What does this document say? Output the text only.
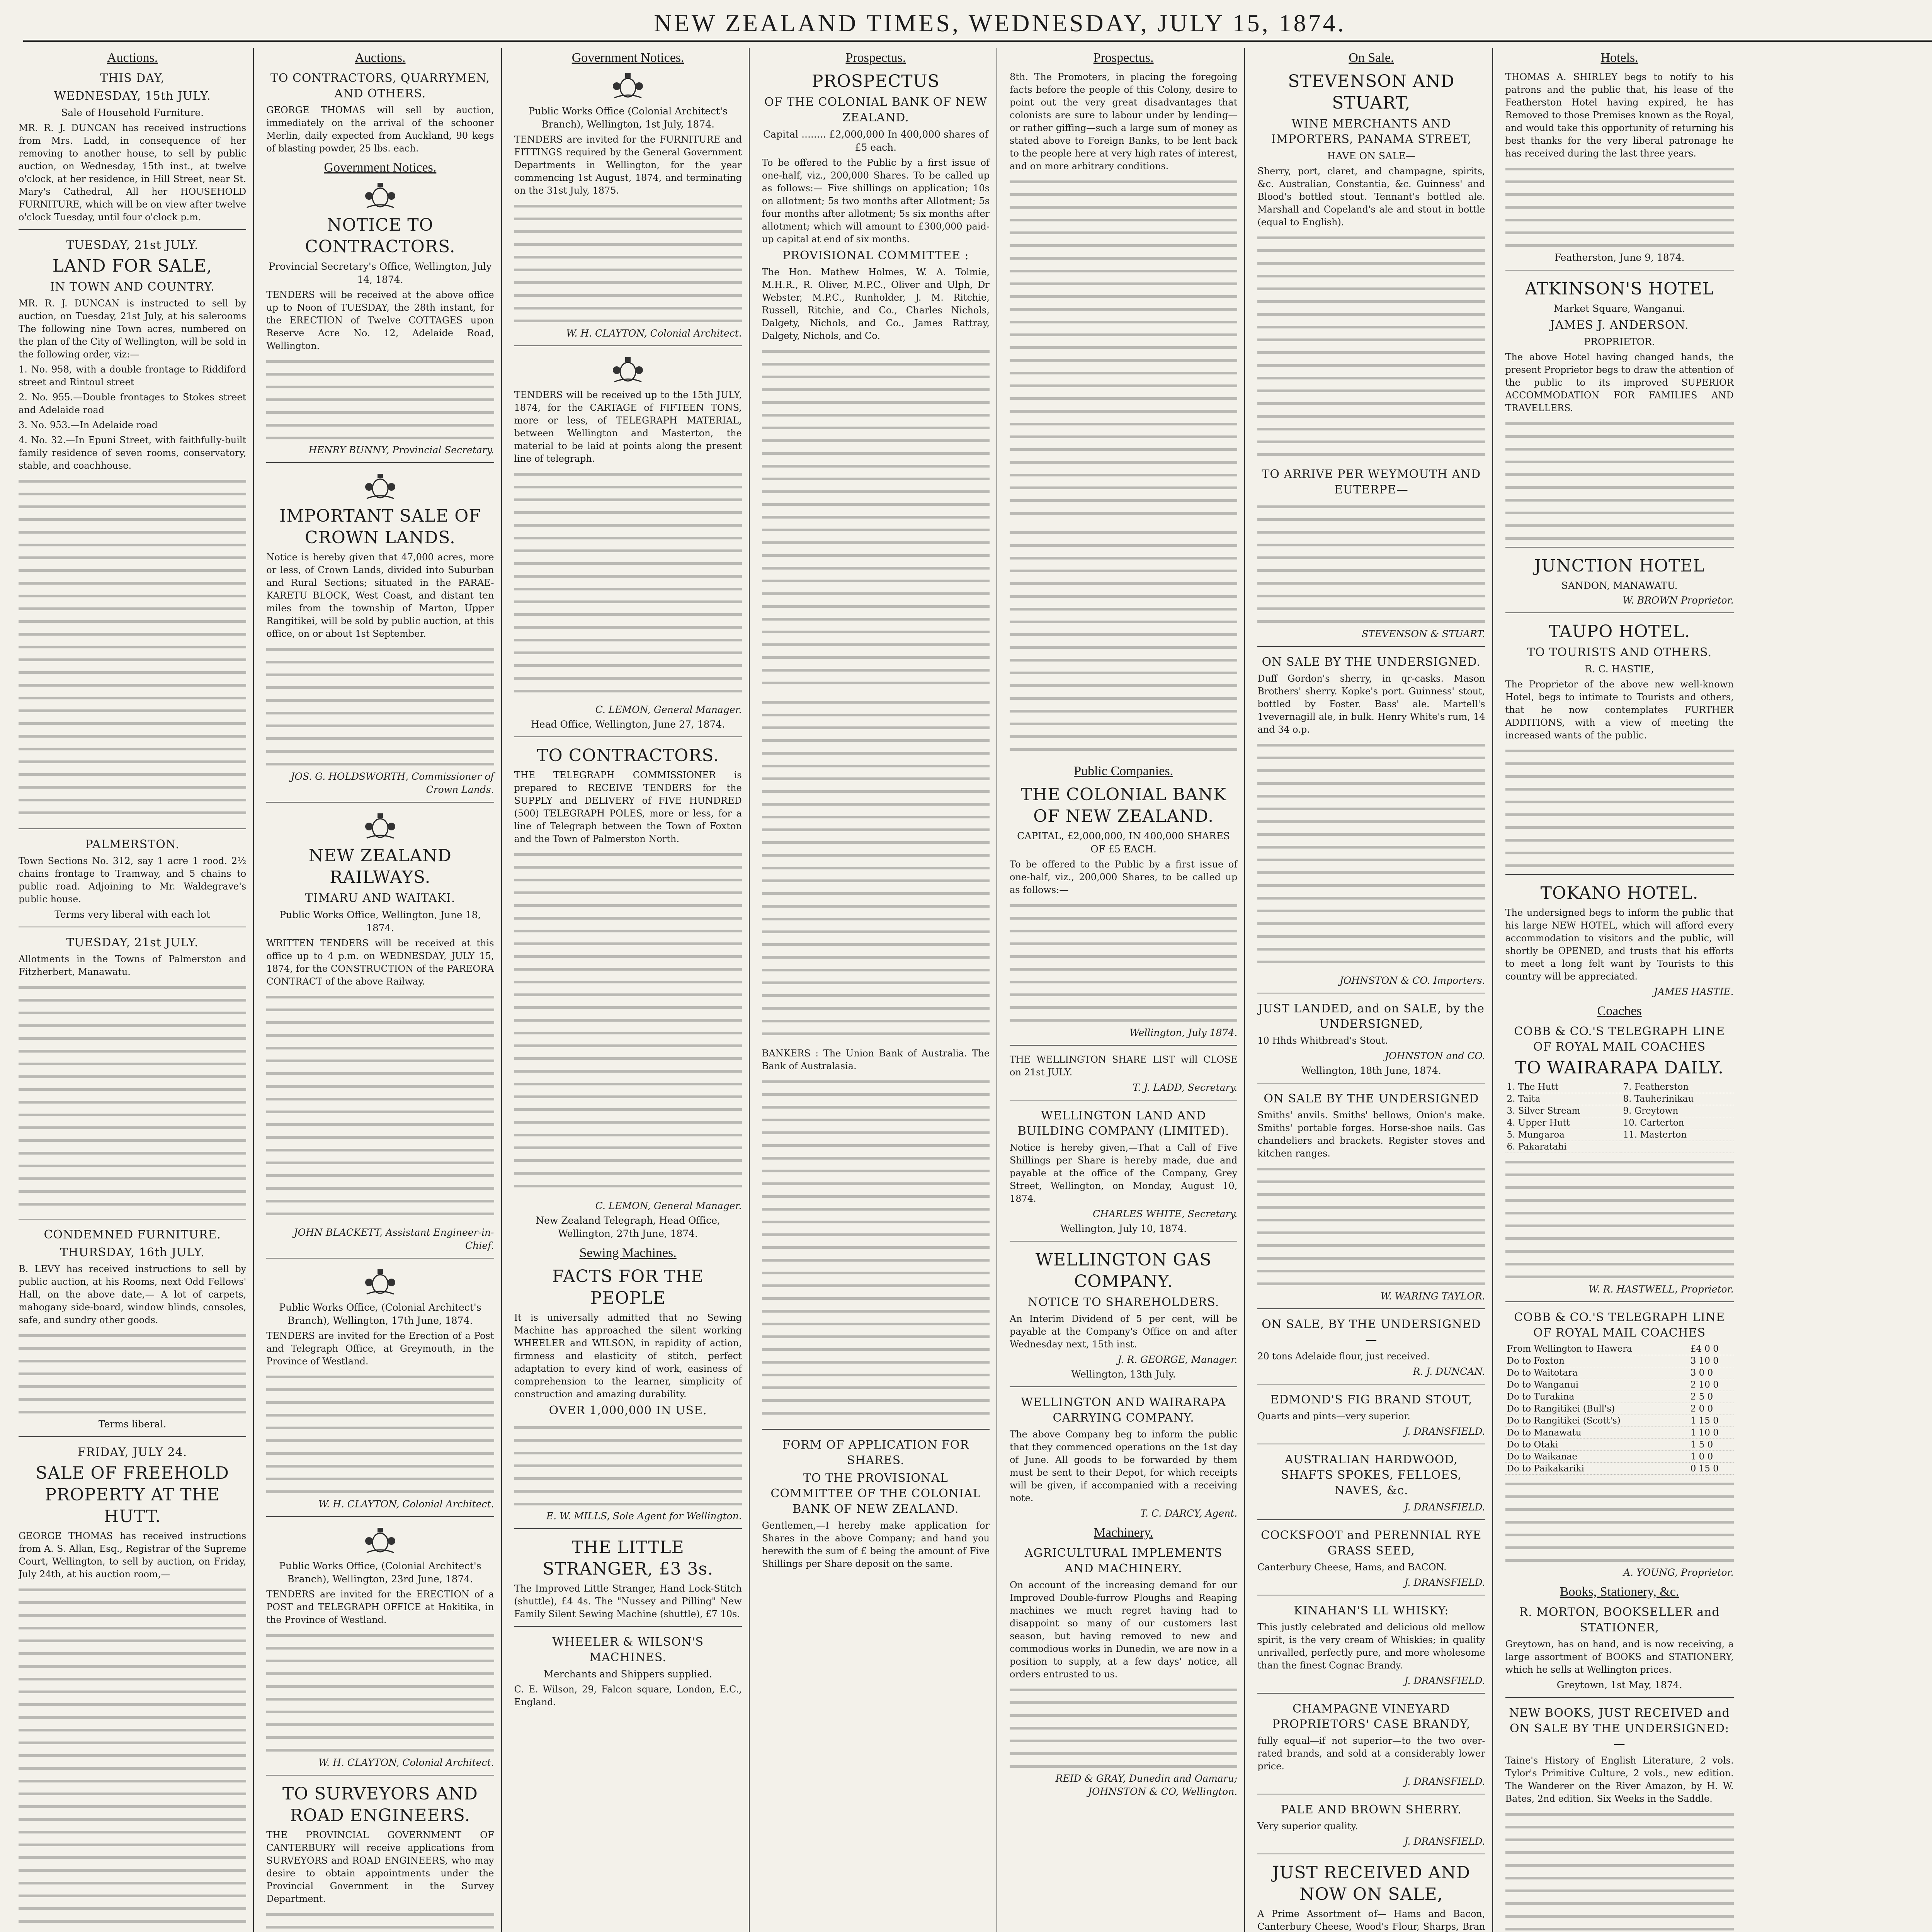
NEW ZEALAND TIMES, WEDNESDAY, JULY 15, 1874.
Auctions.
THIS DAY,
WEDNESDAY, 15th JULY.
Sale of Household Furniture.

MR. R. J. DUNCAN has received instructions from Mrs. Ladd, in consequence of her removing to another house, to sell by public auction, on Wednesday, 15th inst., at twelve o'clock, at her residence, in Hill Street, near St. Mary's Cathedral, All her HOUSEHOLD FURNITURE, which will be on view after twelve o'clock Tuesday, until four o'clock p.m.

TUESDAY, 21st JULY.
LAND FOR SALE,
IN TOWN AND COUNTRY.

MR. R. J. DUNCAN is instructed to sell by auction, on Tuesday, 21st July, at his salerooms The following nine Town acres, numbered on the plan of the City of Wellington, will be sold in the following order, viz:—

1. No. 958, with a double frontage to Riddiford street and Rintoul street

2. No. 955.—Double frontages to Stokes street and Adelaide road

3. No. 953.—In Adelaide road

4. No. 32.—In Epuni Street, with faithfully-built family residence of seven rooms, conservatory, stable, and coachhouse.

PALMERSTON.

Town Sections No. 312, say 1 acre 1 rood. 2½ chains frontage to Tramway, and 5 chains to public road. Adjoining to Mr. Waldegrave's public house.

Terms very liberal with each lot
TUESDAY, 21st JULY.

Allotments in the Towns of Palmerston and Fitzherbert, Manawatu.

CONDEMNED FURNITURE.
THURSDAY, 16th JULY.

B. LEVY has received instructions to sell by public auction, at his Rooms, next Odd Fellows' Hall, on the above date,— A lot of carpets, mahogany side-board, window blinds, consoles, safe, and sundry other goods.

Terms liberal.
FRIDAY, JULY 24.
SALE OF FREEHOLD PROPERTY AT THE HUTT.

GEORGE THOMAS has received instructions from A. S. Allan, Esq., Registrar of the Supreme Court, Wellington, to sell by auction, on Friday, July 24th, at his auction room,—

Auctions.
TO CONTRACTORS, QUARRYMEN, AND OTHERS.

GEORGE THOMAS will sell by auction, immediately on the arrival of the schooner Merlin, daily expected from Auckland, 90 kegs of blasting powder, 25 lbs. each.

Government Notices.
NOTICE TO CONTRACTORS.
Provincial Secretary's Office, Wellington, July 14, 1874.

TENDERS will be received at the above office up to Noon of TUESDAY, the 28th instant, for the ERECTION of Twelve COTTAGES upon Reserve Acre No. 12, Adelaide Road, Wellington.

HENRY BUNNY, Provincial Secretary.
IMPORTANT SALE OF CROWN LANDS.

Notice is hereby given that 47,000 acres, more or less, of Crown Lands, divided into Suburban and Rural Sections; situated in the PARAE-KARETU BLOCK, West Coast, and distant ten miles from the township of Marton, Upper Rangitikei, will be sold by public auction, at this office, on or about 1st September.

JOS. G. HOLDSWORTH, Commissioner of Crown Lands.
NEW ZEALAND RAILWAYS.
TIMARU AND WAITAKI.
Public Works Office, Wellington, June 18, 1874.

WRITTEN TENDERS will be received at this office up to 4 p.m. on WEDNESDAY, JULY 15, 1874, for the CONSTRUCTION of the PAREORA CONTRACT of the above Railway.

JOHN BLACKETT, Assistant Engineer-in-Chief.
Public Works Office, (Colonial Architect's Branch), Wellington, 17th June, 1874.

TENDERS are invited for the Erection of a Post and Telegraph Office, at Greymouth, in the Province of Westland.

W. H. CLAYTON, Colonial Architect.
Public Works Office, (Colonial Architect's Branch), Wellington, 23rd June, 1874.

TENDERS are invited for the ERECTION of a POST and TELEGRAPH OFFICE at Hokitika, in the Province of Westland.

W. H. CLAYTON, Colonial Architect.
TO SURVEYORS AND ROAD ENGINEERS.

THE PROVINCIAL GOVERNMENT OF CANTERBURY will receive applications from SURVEYORS and ROAD ENGINEERS, who may desire to obtain appointments under the Provincial Government in the Survey Department.

Government Notices.
Public Works Office (Colonial Architect's Branch), Wellington, 1st July, 1874.

TENDERS are invited for the FURNITURE and FITTINGS required by the General Government Departments in Wellington, for the year commencing 1st August, 1874, and terminating on the 31st July, 1875.

W. H. CLAYTON, Colonial Architect.

TENDERS will be received up to the 15th JULY, 1874, for the CARTAGE of FIFTEEN TONS, more or less, of TELEGRAPH MATERIAL, between Wellington and Masterton, the material to be laid at points along the present line of telegraph.

C. LEMON, General Manager.
Head Office, Wellington, June 27, 1874.
TO CONTRACTORS.

THE TELEGRAPH COMMISSIONER is prepared to RECEIVE TENDERS for the SUPPLY and DELIVERY of FIVE HUNDRED (500) TELEGRAPH POLES, more or less, for a line of Telegraph between the Town of Foxton and the Town of Palmerston North.

C. LEMON, General Manager.
New Zealand Telegraph, Head Office, Wellington, 27th June, 1874.
Sewing Machines.
FACTS FOR THE PEOPLE

It is universally admitted that no Sewing Machine has approached the silent working WHEELER and WILSON, in rapidity of action, firmness and elasticity of stitch, perfect adaptation to every kind of work, easiness of comprehension to the learner, simplicity of construction and amazing durability.

OVER 1,000,000 IN USE.
E. W. MILLS, Sole Agent for Wellington.
THE LITTLE STRANGER, £3 3s.

The Improved Little Stranger, Hand Lock-Stitch (shuttle), £4 4s. The "Nussey and Pilling" New Family Silent Sewing Machine (shuttle), £7 10s.

WHEELER & WILSON'S MACHINES.
Merchants and Shippers supplied.

C. E. Wilson, 29, Falcon square, London, E.C., England.

Prospectus.
PROSPECTUS
OF THE COLONIAL BANK OF NEW ZEALAND.
Capital ........ £2,000,000 In 400,000 shares of £5 each.

To be offered to the Public by a first issue of one-half, viz., 200,000 Shares. To be called up as follows:— Five shillings on application; 10s on allotment; 5s two months after Allotment; 5s four months after allotment; 5s six months after allotment; which will amount to £300,000 paid-up capital at end of six months.

PROVISIONAL COMMITTEE :

The Hon. Mathew Holmes, W. A. Tolmie, M.H.R., R. Oliver, M.P.C., Oliver and Ulph, Dr Webster, M.P.C., Runholder, J. M. Ritchie, Russell, Ritchie, and Co., Charles Nichols, Dalgety, Nichols, and Co., James Rattray, Dalgety, Nichols, and Co.

BANKERS : The Union Bank of Australia. The Bank of Australasia.

FORM OF APPLICATION FOR SHARES.
TO THE PROVISIONAL COMMITTEE OF THE COLONIAL BANK OF NEW ZEALAND.

Gentlemen,—I hereby make application for Shares in the above Company; and hand you herewith the sum of £ being the amount of Five Shillings per Share deposit on the same.

Prospectus.

8th. The Promoters, in placing the foregoing facts before the people of this Colony, desire to point out the very great disadvantages that colonists are sure to labour under by lending—or rather giffing—such a large sum of money as stated above to Foreign Banks, to be lent back to the people here at very high rates of interest, and on more arbitrary conditions.

Public Companies.
THE COLONIAL BANK OF NEW ZEALAND.
CAPITAL, £2,000,000, IN 400,000 SHARES OF £5 EACH.

To be offered to the Public by a first issue of one-half, viz., 200,000 Shares, to be called up as follows:—

Wellington, July 1874.

THE WELLINGTON SHARE LIST will CLOSE on 21st JULY.

T. J. LADD, Secretary.
WELLINGTON LAND AND BUILDING COMPANY (LIMITED).

Notice is hereby given,—That a Call of Five Shillings per Share is hereby made, due and payable at the office of the Company, Grey Street, Wellington, on Monday, August 10, 1874.

CHARLES WHITE, Secretary.
Wellington, July 10, 1874.
WELLINGTON GAS COMPANY.
NOTICE TO SHAREHOLDERS.

An Interim Dividend of 5 per cent, will be payable at the Company's Office on and after Wednesday next, 15th inst.

J. R. GEORGE, Manager.
Wellington, 13th July.
WELLINGTON AND WAIRARAPA CARRYING COMPANY.

The above Company beg to inform the public that they commenced operations on the 1st day of June. All goods to be forwarded by them must be sent to their Depot, for which receipts will be given, if accompanied with a receiving note.

T. C. DARCY, Agent.
Machinery.
AGRICULTURAL IMPLEMENTS AND MACHINERY.

On account of the increasing demand for our Improved Double-furrow Ploughs and Reaping machines we much regret having had to disappoint so many of our customers last season, but having removed to new and commodious works in Dunedin, we are now in a position to supply, at a few days' notice, all orders entrusted to us.

REID & GRAY, Dunedin and Oamaru; JOHNSTON & CO, Wellington.
On Sale.
STEVENSON AND STUART,
WINE MERCHANTS AND IMPORTERS, PANAMA STREET,
HAVE ON SALE—

Sherry, port, claret, and champagne, spirits, &c. Australian, Constantia, &c. Guinness' and Blood's bottled stout. Tennant's bottled ale. Marshall and Copeland's ale and stout in bottle (equal to English).

TO ARRIVE PER WEYMOUTH AND EUTERPE—
STEVENSON & STUART.
ON SALE BY THE UNDERSIGNED.

Duff Gordon's sherry, in qr-casks. Mason Brothers' sherry. Kopke's port. Guinness' stout, bottled by Foster. Bass' ale. Martell's 1vevernagill ale, in bulk. Henry White's rum, 14 and 34 o.p.

JOHNSTON & CO. Importers.
JUST LANDED, and on SALE, by the UNDERSIGNED,

10 Hhds Whitbread's Stout.

JOHNSTON and CO.
Wellington, 18th June, 1874.
ON SALE BY THE UNDERSIGNED

Smiths' anvils. Smiths' bellows, Onion's make. Smiths' portable forges. Horse-shoe nails. Gas chandeliers and brackets. Register stoves and kitchen ranges.

W. WARING TAYLOR.
ON SALE, BY THE UNDERSIGNED—

20 tons Adelaide flour, just received.

R. J. DUNCAN.
EDMOND'S FIG BRAND STOUT,

Quarts and pints—very superior.

J. DRANSFIELD.
AUSTRALIAN HARDWOOD, SHAFTS SPOKES, FELLOES, NAVES, &c.
J. DRANSFIELD.
COCKSFOOT and PERENNIAL RYE GRASS SEED,

Canterbury Cheese, Hams, and BACON.

J. DRANSFIELD.
KINAHAN'S LL WHISKY:

This justly celebrated and delicious old mellow spirit, is the very cream of Whiskies; in quality unrivalled, perfectly pure, and more wholesome than the finest Cognac Brandy.

J. DRANSFIELD.
CHAMPAGNE VINEYARD PROPRIETORS' CASE BRANDY,

fully equal—if not superior—to the two over-rated brands, and sold at a considerably lower price.

J. DRANSFIELD.
PALE AND BROWN SHERRY.

Very superior quality.

J. DRANSFIELD.
JUST RECEIVED AND NOW ON SALE,

A Prime Assortment of— Hams and Bacon, Canterbury Cheese, Wood's Flour, Sharps, Bran

Hotels.

THOMAS A. SHIRLEY begs to notify to his patrons and the public that, his lease of the Featherston Hotel having expired, he has Removed to those Premises known as the Royal, and would take this opportunity of returning his best thanks for the very liberal patronage he has received during the last three years.

Featherston, June 9, 1874.
ATKINSON'S HOTEL
Market Square, Wanganui.
JAMES J. ANDERSON.
PROPRIETOR.

The above Hotel having changed hands, the present Proprietor begs to draw the attention of the public to its improved SUPERIOR ACCOMMODATION FOR FAMILIES AND TRAVELLERS.

JUNCTION HOTEL
SANDON, MANAWATU.
W. BROWN Proprietor.
TAUPO HOTEL.
TO TOURISTS AND OTHERS.
R. C. HASTIE,

The Proprietor of the above new well-known Hotel, begs to intimate to Tourists and others, that he now contemplates FURTHER ADDITIONS, with a view of meeting the increased wants of the public.

TOKANO HOTEL.

The undersigned begs to inform the public that his large NEW HOTEL, which will afford every accommodation to visitors and the public, will shortly be OPENED, and trusts that his efforts to meet a long felt want by Tourists to this country will be appreciated.

JAMES HASTIE.
Coaches
COBB & CO.'S TELEGRAPH LINE OF ROYAL MAIL COACHES
TO WAIRARAPA DAILY.
1. The Hutt	7. Featherston
2. Taita	8. Tauherinikau
3. Silver Stream	9. Greytown
4. Upper Hutt	10. Carterton
5. Mungaroa	11. Masterton
6. Pakaratahi	
W. R. HASTWELL, Proprietor.
COBB & CO.'S TELEGRAPH LINE OF ROYAL MAIL COACHES
From Wellington to Hawera	£4 0 0
Do to Foxton	3 10 0
Do to Waitotara	3 0 0
Do to Wanganui	2 10 0
Do to Turakina	2 5 0
Do to Rangitikei (Bull's)	2 0 0
Do to Rangitikei (Scott's)	1 15 0
Do to Manawatu	1 10 0
Do to Otaki	1 5 0
Do to Waikanae	1 0 0
Do to Paikakariki	0 15 0
A. YOUNG, Proprietor.
Books, Stationery, &c.
R. MORTON, BOOKSELLER and STATIONER,

Greytown, has on hand, and is now receiving, a large assortment of BOOKS and STATIONERY, which he sells at Wellington prices.

Greytown, 1st May, 1874.
NEW BOOKS, JUST RECEIVED and ON SALE BY THE UNDERSIGNED:—

Taine's History of English Literature, 2 vols. Tylor's Primitive Culture, 2 vols., new edition. The Wanderer on the River Amazon, by H. W. Bates, 2nd edition. Six Weeks in the Saddle.
